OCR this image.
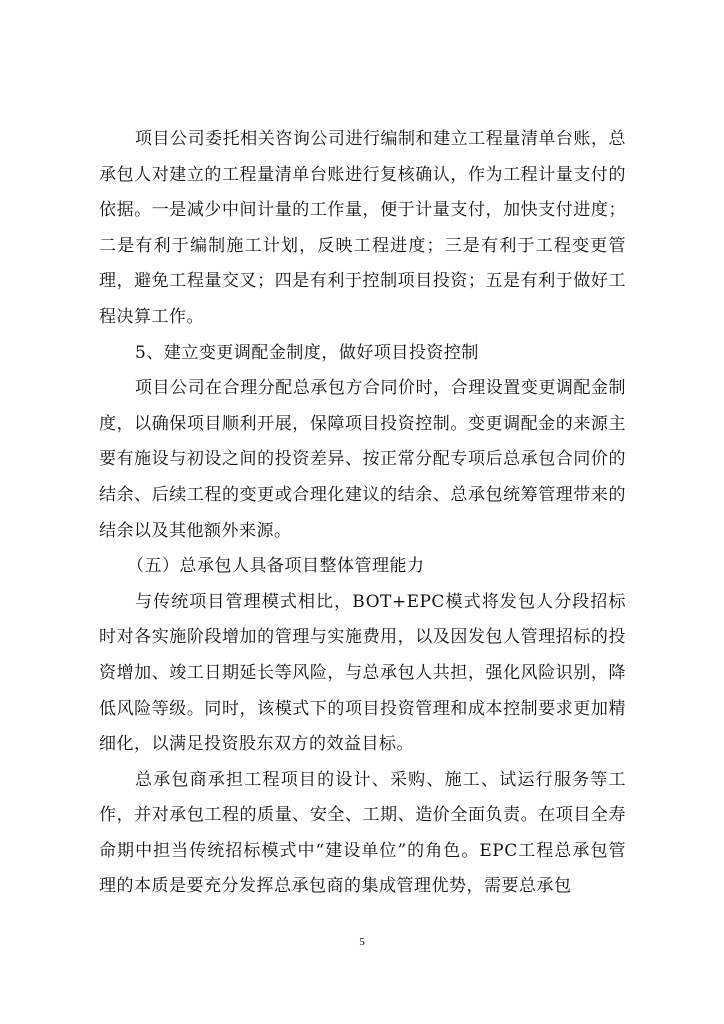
项目公司委托相关咨询公司进行编制和建立工程量清单台账，总承包人对建立的工程量清单台账进行复核确认，作为工程计量支付的依据。一是减少中间计量的工作量，便于计量支付，加快支付进度；二是有利于编制施工计划，反映工程进度；三是有利于工程变更管理，避免工程量交叉；四是有利于控制项目投资；五是有利于做好工程决算工作。

5、建立变更调配金制度，做好项目投资控制

项目公司在合理分配总承包方合同价时，合理设置变更调配金制度，以确保项目顺利开展，保障项目投资控制。变更调配金的来源主要有施设与初设之间的投资差异、按正常分配专项后总承包合同价的结余、后续工程的变更或合理化建议的结余、总承包统筹管理带来的结余以及其他额外来源。

（五）总承包人具备项目整体管理能力

与传统项目管理模式相比，BOT+EPC模式将发包人分段招标时对各实施阶段增加的管理与实施费用，以及因发包人管理招标的投资增加、竣工日期延长等风险，与总承包人共担，强化风险识别，降低风险等级。同时，该模式下的项目投资管理和成本控制要求更加精细化，以满足投资股东双方的效益目标。

总承包商承担工程项目的设计、采购、施工、试运行服务等工作，并对承包工程的质量、安全、工期、造价全面负责。在项目全寿命期中担当传统招标模式中“建设单位”的角色。EPC工程总承包管理的本质是要充分发挥总承包商的集成管理优势，需要总承包

5
